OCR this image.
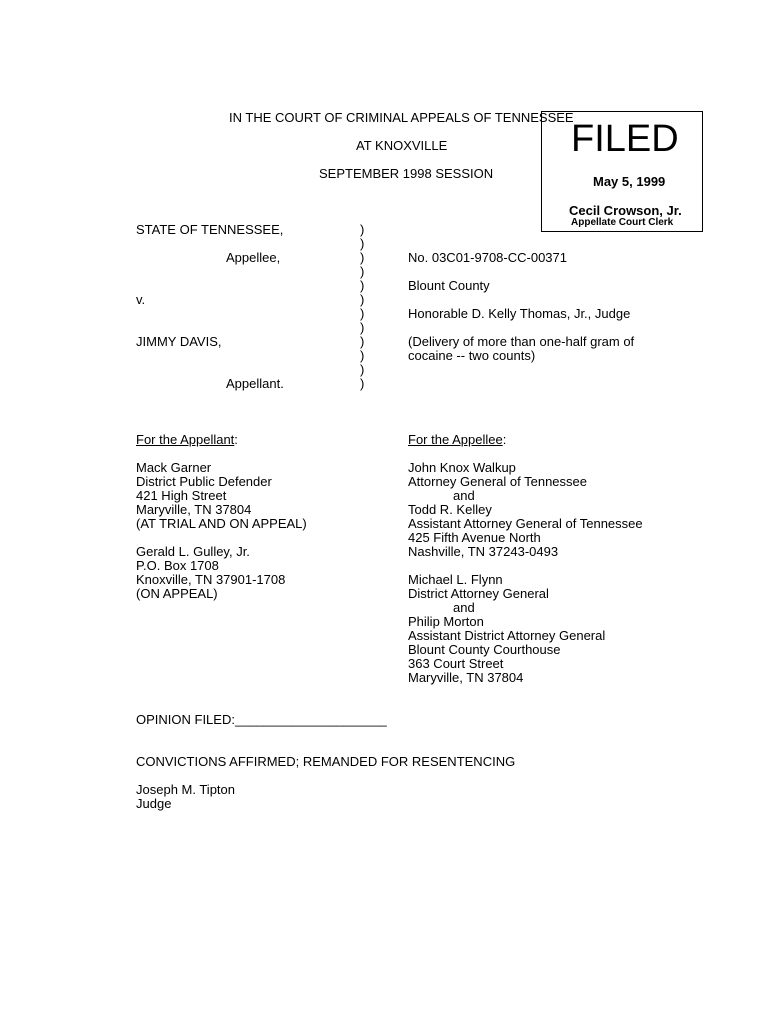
IN THE COURT OF CRIMINAL APPEALS OF TENNESSEE
AT KNOXVILLE
SEPTEMBER 1998 SESSION
FILED
May 5, 1999
Cecil Crowson, Jr.
Appellate Court Clerk
STATE OF TENNESSEE,
Appellee,
v.
JIMMY DAVIS,
Appellant.
)
)
)
)
)
)
)
)
)
)
)
)
No. 03C01-9708-CC-00371
Blount County
Honorable D. Kelly Thomas, Jr., Judge
(Delivery of more than one-half gram of
cocaine -- two counts)
For the Appellant:	For the Appellee:
Mack Garner
District Public Defender
421 High Street
Maryville, TN 37804
(AT TRIAL AND ON APPEAL)
Gerald L. Gulley, Jr.
P.O. Box 1708
Knoxville, TN 37901-1708
(ON APPEAL)
John Knox Walkup
Attorney General of Tennessee
and
Todd R. Kelley
Assistant Attorney General of Tennessee
425 Fifth Avenue North
Nashville, TN 37243-0493
Michael L. Flynn
District Attorney General
and
Philip Morton
Assistant District Attorney General
Blount County Courthouse
363 Court Street
Maryville, TN 37804
OPINION FILED:_____________________
CONVICTIONS AFFIRMED; REMANDED FOR RESENTENCING
Joseph M. Tipton
Judge
